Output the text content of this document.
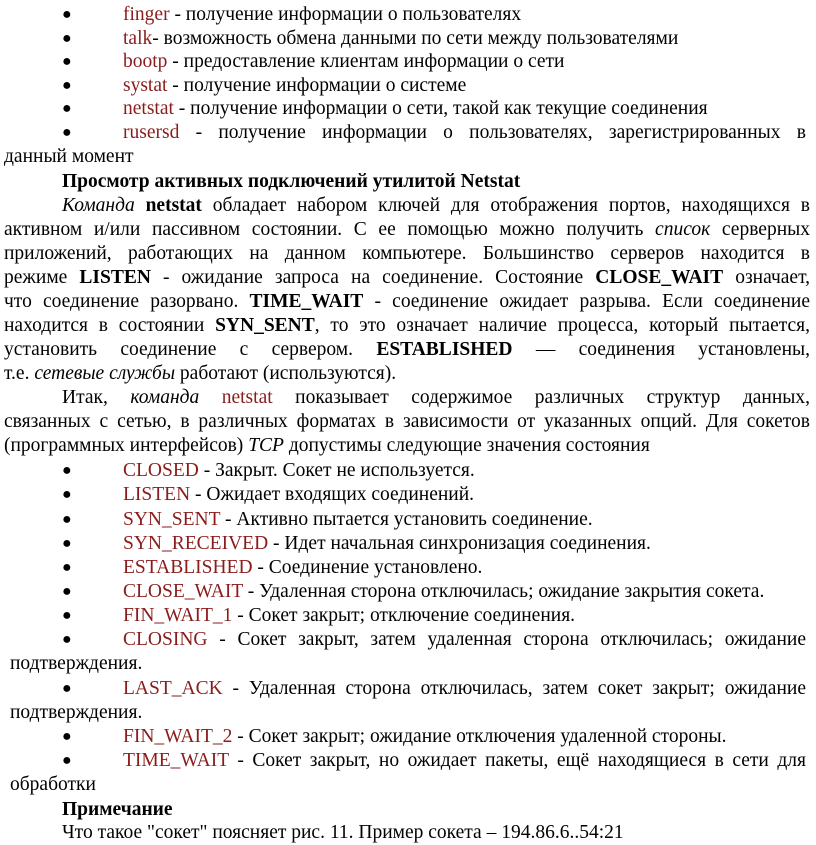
●	finger - получение информации о пользователях
●	talk- возможность обмена данными по сети между пользователями
●	bootp - предоставление клиентам информации о сети
●	systat - получение информации о системе
●	netstat - получение информации о сети, такой как текущие соединения
●	rusersd - получение информации о пользователях, зарегистрированных в
данный момент
Просмотр активных подключений утилитой Netstat
Команда netstat обладает набором ключей для отображения портов, находящихся в
активном и/или пассивном состоянии. С ее помощью можно получить список серверных
приложений, работающих на данном компьютере. Большинство серверов находится в
режиме LISTEN - ожидание запроса на соединение. Состояние CLOSE_WAIT означает,
что соединение разорвано. TIME_WAIT - соединение ожидает разрыва. Если соединение
находится в состоянии SYN_SENT, то это означает наличие процесса, который пытается,
установить соединение с сервером. ESTABLISHED — соединения установлены,
т.е. сетевые службы работают (используются).
Итак, команда netstat показывает содержимое различных структур данных,
связанных с сетью, в различных форматах в зависимости от указанных опций. Для сокетов
(программных интерфейсов) TCP допустимы следующие значения состояния
●	CLOSED - Закрыт. Сокет не используется.
●	LISTEN - Ожидает входящих соединений.
●	SYN_SENT - Активно пытается установить соединение.
●	SYN_RECEIVED - Идет начальная синхронизация соединения.
●	ESTABLISHED - Соединение установлено.
●	CLOSE_WAIT - Удаленная сторона отключилась; ожидание закрытия сокета.
●	FIN_WAIT_1 - Сокет закрыт; отключение соединения.
●	CLOSING - Сокет закрыт, затем удаленная сторона отключилась; ожидание
подтверждения.
●	LAST_ACK - Удаленная сторона отключилась, затем сокет закрыт; ожидание
подтверждения.
●	FIN_WAIT_2 - Сокет закрыт; ожидание отключения удаленной стороны.
●	TIME_WAIT - Сокет закрыт, но ожидает пакеты, ещё находящиеся в сети для
обработки
Примечание
Что такое "сокет" поясняет рис. 11. Пример сокета – 194.86.6..54:21
